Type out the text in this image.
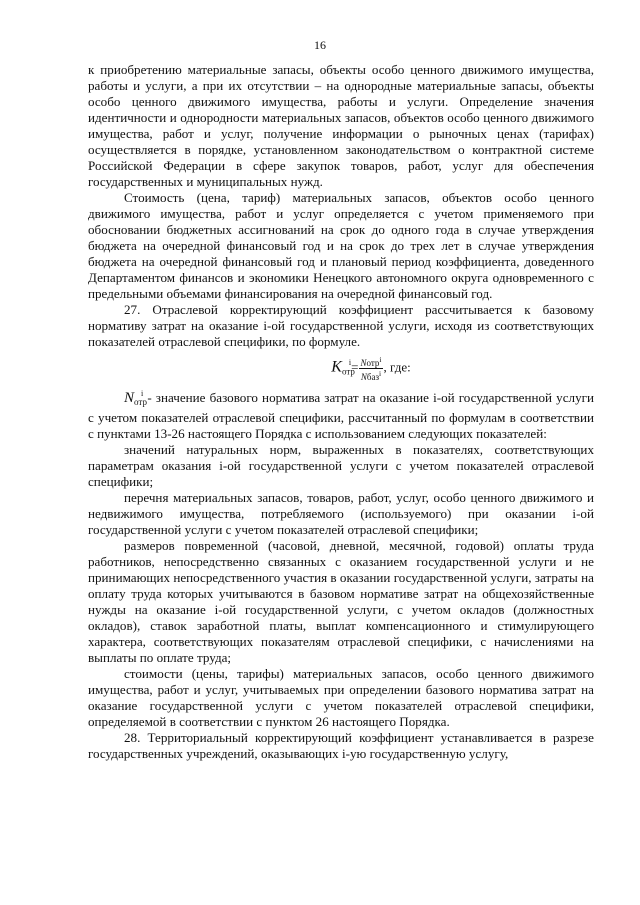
16

к приобретению материальные запасы, объекты особо ценного движимого имущества, работы и услуги, а при их отсутствии – на однородные материальные запасы, объекты особо ценного движимого имущества, работы и услуги. Определение значения идентичности и однородности материальных запасов, объектов особо ценного движимого имущества, работ и услуг, получение информации о рыночных ценах (тарифах) осуществляется в порядке, установленном законодательством о контрактной системе Российской Федерации в сфере закупок товаров, работ, услуг для обеспечения государственных и муниципальных нужд.

Стоимость (цена, тариф) материальных запасов, объектов особо ценного движимого имущества, работ и услуг определяется с учетом применяемого при обосновании бюджетных ассигнований на срок до одного года в случае утверждения бюджета на очередной финансовый год и на срок до трех лет в случае утверждения бюджета на очередной финансовый год и плановый период коэффициента, доведенного Департаментом финансов и экономики Ненецкого автономного округа одновременного с предельными объемами финансирования на очередной финансовый год.

27. Отраслевой корректирующий коэффициент рассчитывается к базовому нормативу затрат на оказание i-ой государственной услуги, исходя из соответствующих показателей отраслевой специфики, по формуле.

$K_{отр}^i= \frac{Nотр^i}{Nбаз^i}$ , где:

$N_{отр}^i$ - значение базового норматива затрат на оказание i-ой государственной услуги с учетом показателей отраслевой специфики, рассчитанный по формулам в соответствии с пунктами 13-26 настоящего Порядка с использованием следующих показателей:

значений натуральных норм, выраженных в показателях, соответствующих параметрам оказания i-ой государственной услуги с учетом показателей отраслевой специфики;

перечня материальных запасов, товаров, работ, услуг, особо ценного движимого и недвижимого имущества, потребляемого (используемого) при оказании i-ой государственной услуги с учетом показателей отраслевой специфики;

размеров повременной (часовой, дневной, месячной, годовой) оплаты труда работников, непосредственно связанных с оказанием государственной услуги и не принимающих непосредственного участия в оказании государственной услуги, затраты на оплату труда которых учитываются в базовом нормативе затрат на общехозяйственные нужды на оказание i-ой государственной услуги, с учетом окладов (должностных окладов), ставок заработной платы, выплат компенсационного и стимулирующего характера, соответствующих показателям отраслевой специфики, с начислениями на выплаты по оплате труда;

стоимости (цены, тарифы) материальных запасов, особо ценного движимого имущества, работ и услуг, учитываемых при определении базового норматива затрат на оказание государственной услуги с учетом показателей отраслевой специфики, определяемой в соответствии с пунктом 26 настоящего Порядка.

28. Территориальный корректирующий коэффициент устанавливается в разрезе государственных учреждений, оказывающих i-ую государственную услугу,
